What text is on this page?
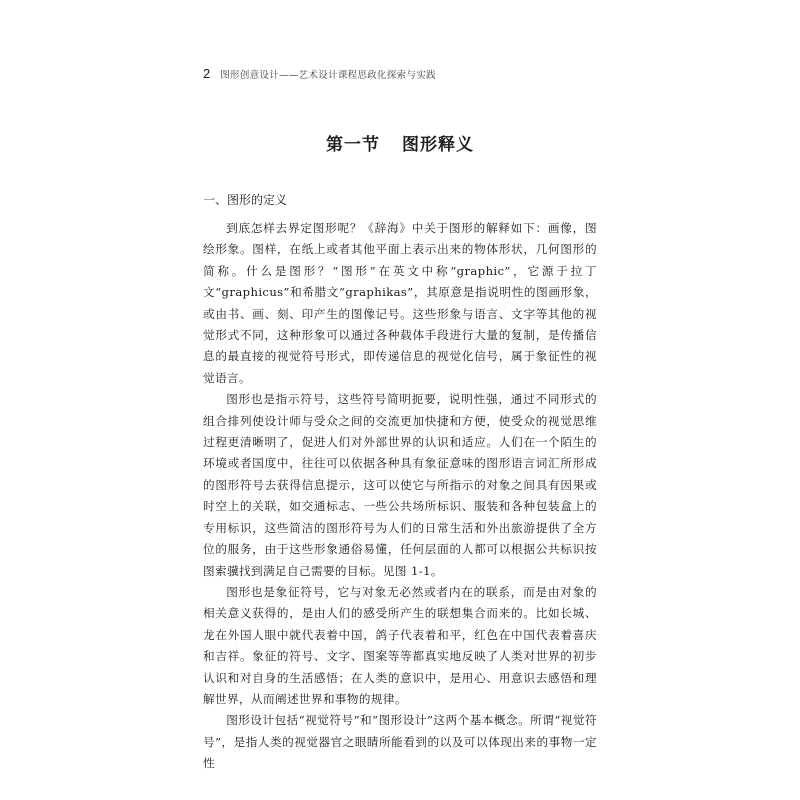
2 图形创意设计——艺术设计课程思政化探索与实践
第一节 图形释义
一、图形的定义

到底怎样去界定图形呢？《辞海》中关于图形的解释如下：画像，图绘形象。图样，在纸上或者其他平面上表示出来的物体形状，几何图形的简称。什么是图形？“图形”在英文中称“graphic”，它源于拉丁文“graphicus”和希腊文“graphikas”，其原意是指说明性的图画形象，或由书、画、刻、印产生的图像记号。这些形象与语言、文字等其他的视觉形式不同，这种形象可以通过各种载体手段进行大量的复制，是传播信息的最直接的视觉符号形式，即传递信息的视觉化信号，属于象征性的视觉语言。

图形也是指示符号，这些符号简明扼要，说明性强，通过不同形式的组合排列使设计师与受众之间的交流更加快捷和方便，使受众的视觉思维过程更清晰明了，促进人们对外部世界的认识和适应。人们在一个陌生的环境或者国度中，往往可以依据各种具有象征意味的图形语言词汇所形成的图形符号去获得信息提示，这可以使它与所指示的对象之间具有因果或时空上的关联，如交通标志、一些公共场所标识、服装和各种包装盒上的专用标识，这些简洁的图形符号为人们的日常生活和外出旅游提供了全方位的服务，由于这些形象通俗易懂，任何层面的人都可以根据公共标识按图索骥找到满足自己需要的目标。见图 1-1。

图形也是象征符号，它与对象无必然或者内在的联系，而是由对象的相关意义获得的，是由人们的感受所产生的联想集合而来的。比如长城、龙在外国人眼中就代表着中国，鸽子代表着和平，红色在中国代表着喜庆和吉祥。象征的符号、文字、图案等等都真实地反映了人类对世界的初步认识和对自身的生活感悟；在人类的意识中，是用心、用意识去感悟和理解世界，从而阐述世界和事物的规律。

图形设计包括“视觉符号”和“图形设计”这两个基本概念。所谓“视觉符号”，是指人类的视觉器官之眼睛所能看到的以及可以体现出来的事物一定性
